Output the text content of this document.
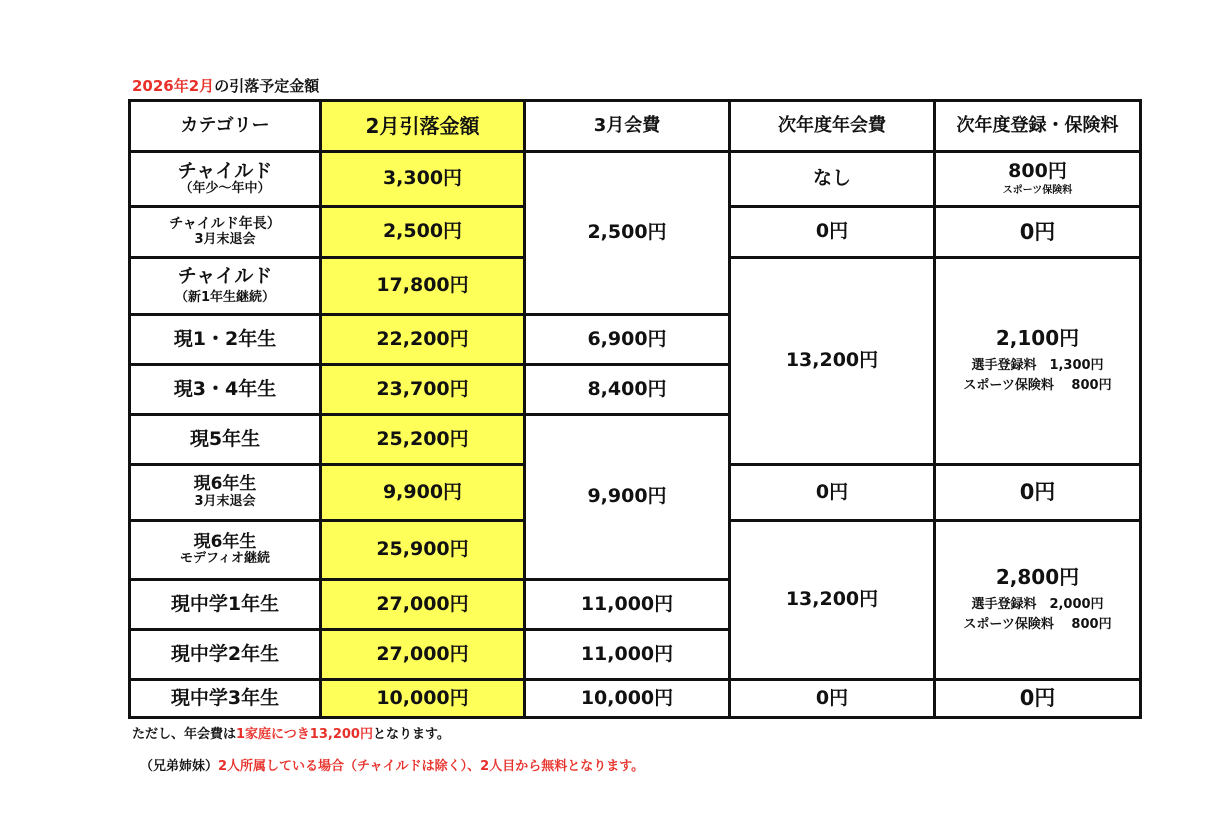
2026年2月の引落予定金額
カテゴリー	2月引落金額	3月会費	次年度年会費	次年度登録・保険料
チャイルド
（年少〜年中）	3,300円	2,500円	なし	800円
スポーツ保険料

チャイルド年長）
3月末退会	2,500円		0円	0円
チャイルド
（新1年生継続）	17,800円		13,200円	2,100円
選手登録料　1,300円
スポーツ保険料　 800円

現1・2年生	22,200円	6,900円		
現3・4年生	23,700円	8,400円		
現5年生	25,200円	9,900円		
現6年生
3月末退会	9,900円		0円	0円
現6年生
モデフィオ継続	25,900円		13,200円	2,800円
選手登録料　2,000円
スポーツ保険料　 800円

現中学1年生	27,000円	11,000円		
現中学2年生	27,000円	11,000円		
現中学3年生	10,000円	10,000円	0円	0円
ただし、年会費は1家庭につき13,200円となります。
（兄弟姉妹）2人所属している場合（チャイルドは除く）、2人目から無料となります。
